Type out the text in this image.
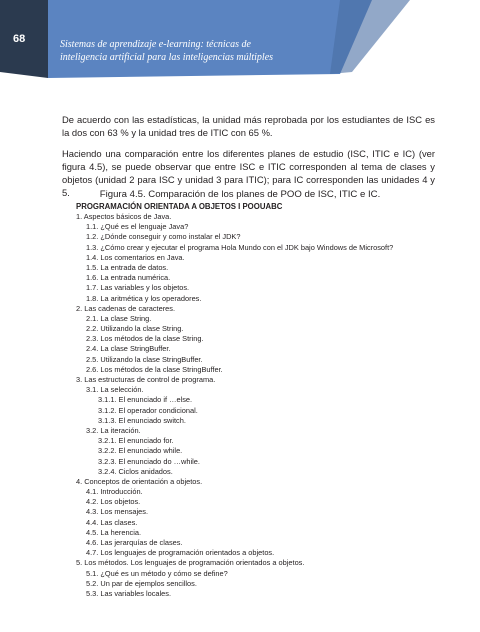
68	Sistemas de aprendizaje e-learning: técnicas de
inteligencia artificial para las inteligencias múltiples

De acuerdo con las estadísticas, la unidad más reprobada por los estudiantes de ISC es la dos con 63 % y la unidad tres de ITIC con 65 %.

Haciendo una comparación entre los diferentes planes de estudio (ISC, ITIC e IC) (ver figura 4.5), se puede observar que entre ISC e ITIC corresponden al tema de clases y objetos (unidad 2 para ISC y unidad 3 para ITIC); para IC corresponden las unidades 4 y 5.	Figura 4.5. Comparación de los planes de POO de ISC, ITIC e IC.

PROGRAMACIÓN ORIENTADA A OBJETOS I POOUABC
1. Aspectos básicos de Java.
1.1. ¿Qué es el lenguaje Java?
1.2. ¿Dónde conseguir y como instalar el JDK?
1.3. ¿Cómo crear y ejecutar el programa Hola Mundo con el JDK bajo Windows de Microsoft?
1.4. Los comentarios en Java.
1.5. La entrada de datos.
1.6. La entrada numérica.
1.7. Las variables y los objetos.
1.8. La aritmética y los operadores.
2. Las cadenas de caracteres.
2.1. La clase String.
2.2. Utilizando la clase String.
2.3. Los métodos de la clase String.
2.4. La clase StringBuffer.
2.5. Utilizando la clase StringBuffer.
2.6. Los métodos de la clase StringBuffer.
3. Las estructuras de control de programa.
3.1. La selección.
3.1.1. El enunciado if …else.
3.1.2. El operador condicional.
3.1.3. El enunciado switch.
3.2. La iteración.
3.2.1. El enunciado for.
3.2.2. El enunciado while.
3.2.3. El enunciado do …while.
3.2.4. Ciclos anidados.
4. Conceptos de orientación a objetos.
4.1. Introducción.
4.2. Los objetos.
4.3. Los mensajes.
4.4. Las clases.
4.5. La herencia.
4.6. Las jerarquías de clases.
4.7. Los lenguajes de programación orientados a objetos.
5. Los métodos. Los lenguajes de programación orientados a objetos.
5.1. ¿Qué es un método y cómo se define?
5.2. Un par de ejemplos sencillos.
5.3. Las variables locales.
